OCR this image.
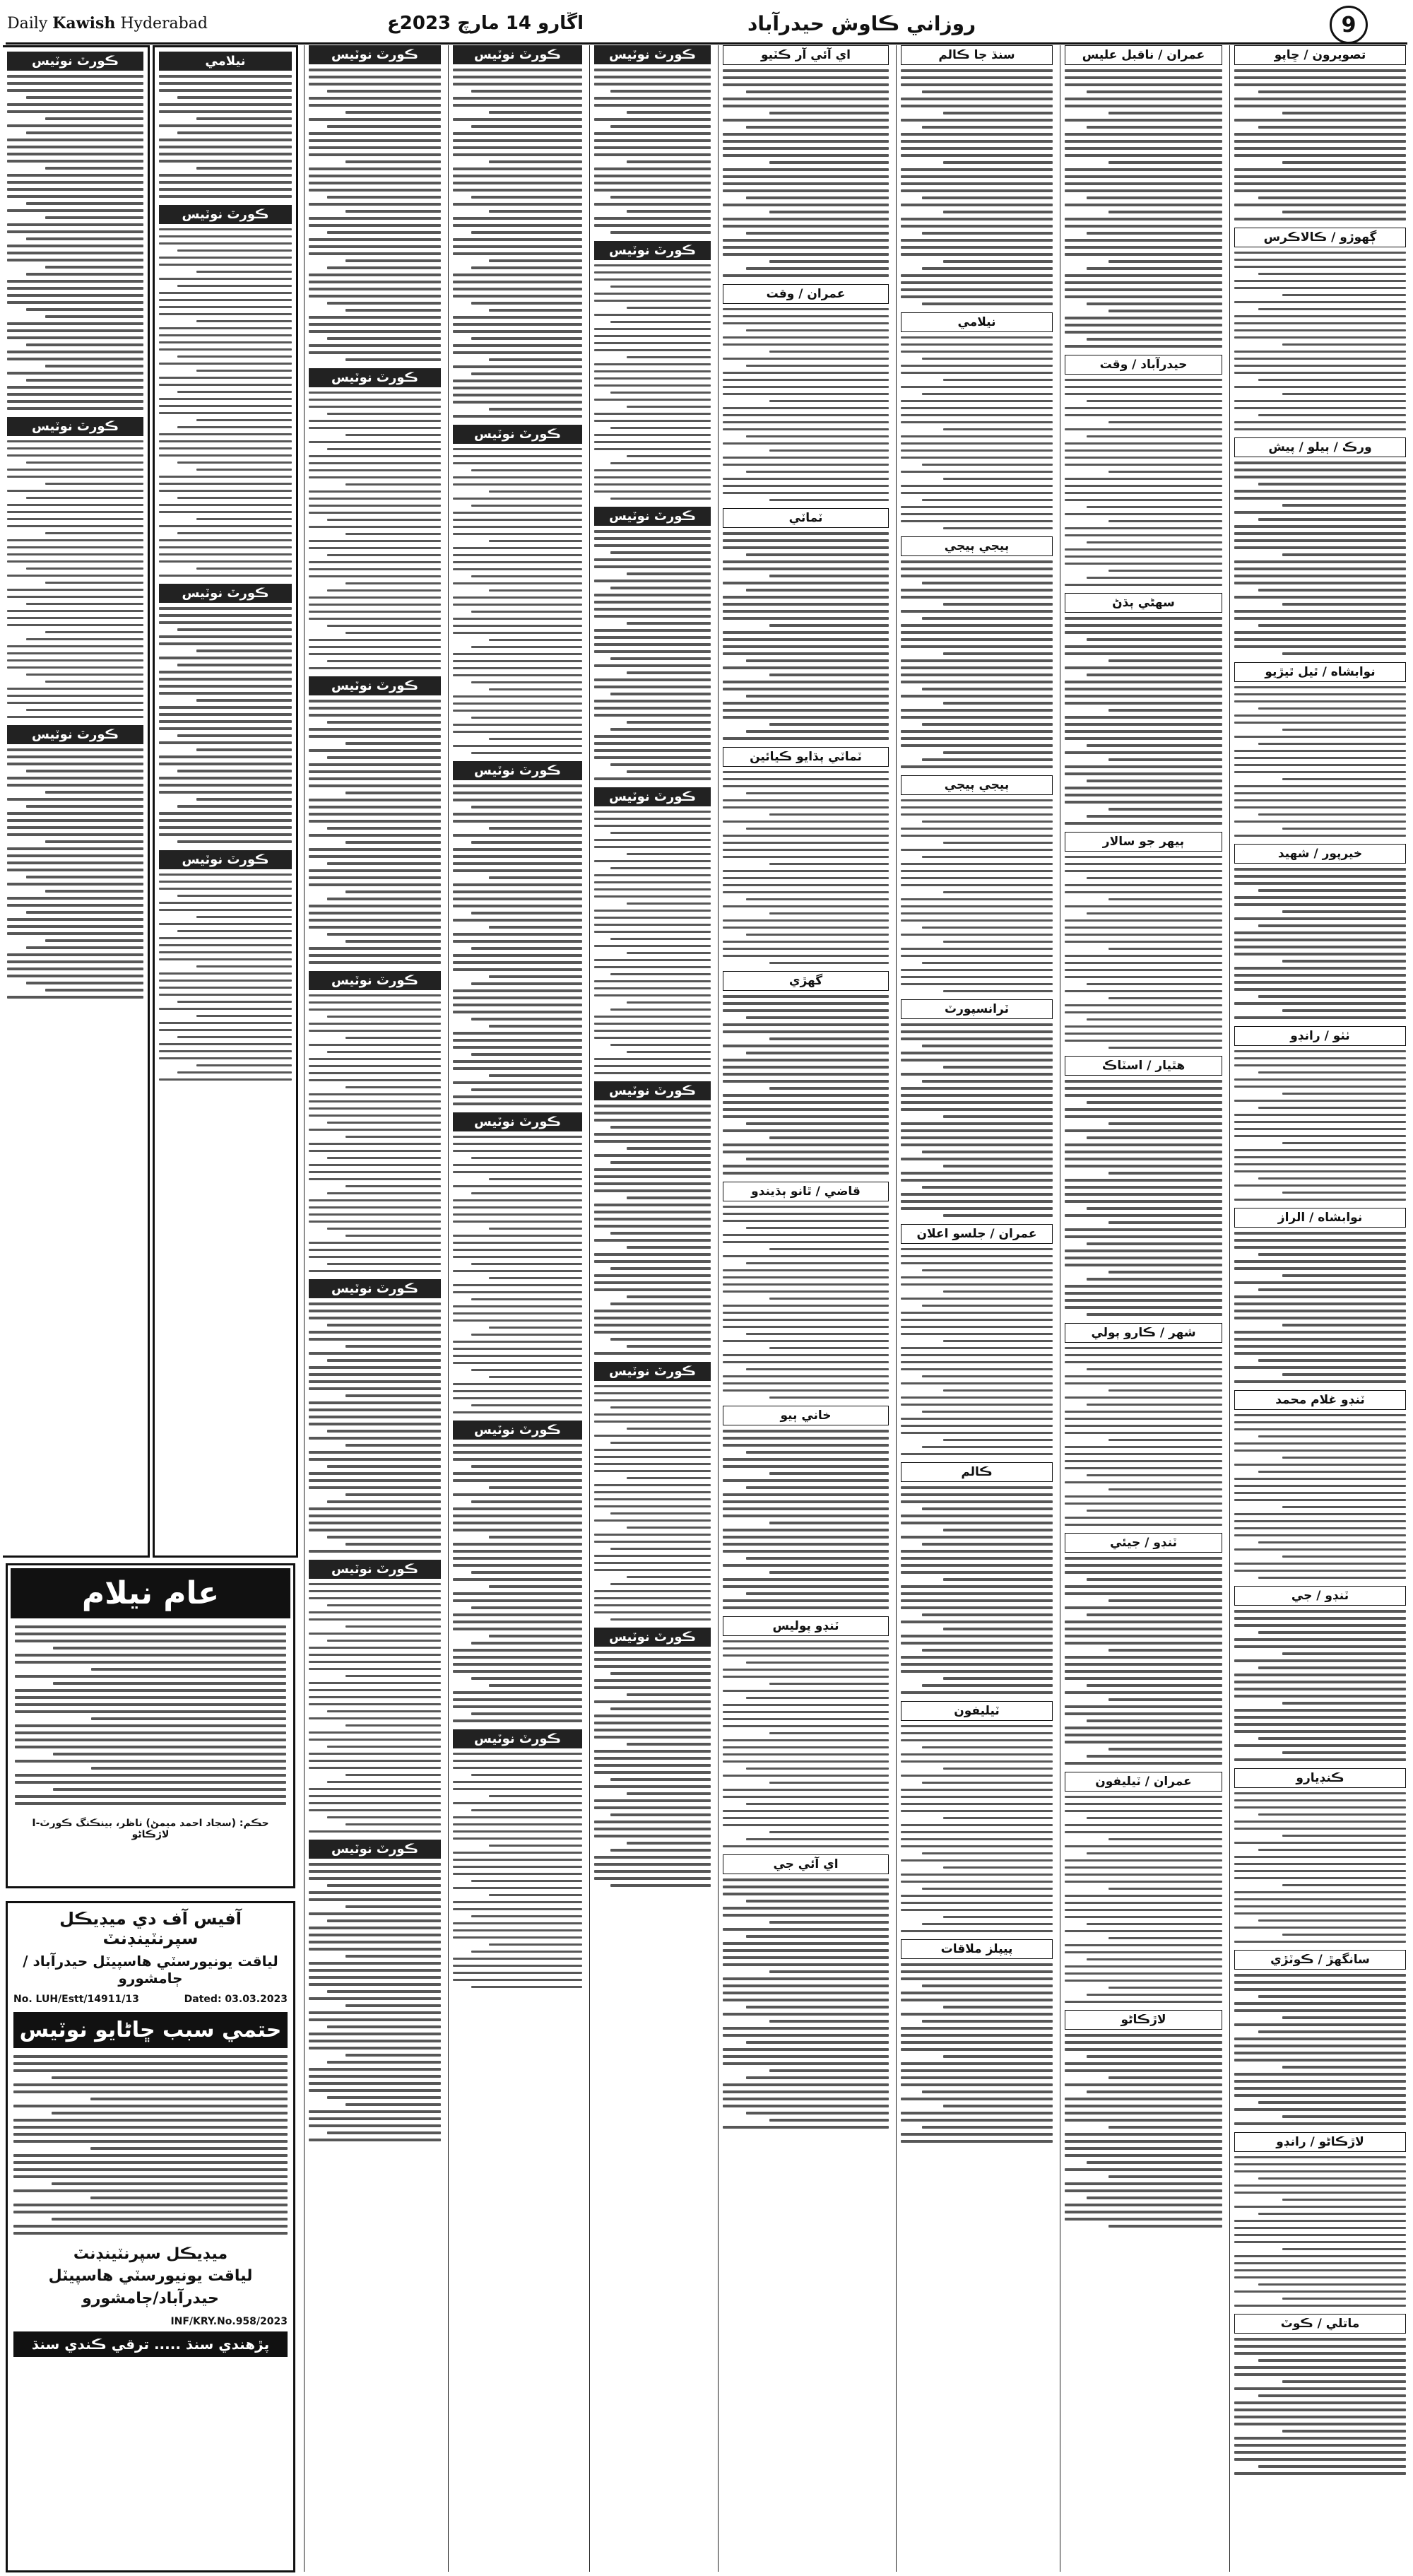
Daily Kawish Hyderabad	اڱارو 14 مارچ 2023ع	روزاني ڪاوش حيدرآباد	9
ڪورٽ نوٽيس
ڪورٽ نوٽيس
ڪورٽ نوٽيس
نيلامي
ڪورٽ نوٽيس
ڪورٽ نوٽيس
ڪورٽ نوٽيس
ڪورٽ نوٽيس
ڪورٽ نوٽيس
ڪورٽ نوٽيس
ڪورٽ نوٽيس
ڪورٽ نوٽيس
ڪورٽ نوٽيس
ڪورٽ نوٽيس
ڪورٽ نوٽيس
ڪورٽ نوٽيس
ڪورٽ نوٽيس
ڪورٽ نوٽيس
ڪورٽ نوٽيس
ڪورٽ نوٽيس
ڪورٽ نوٽيس
ڪورٽ نوٽيس
ڪورٽ نوٽيس
ڪورٽ نوٽيس
ڪورٽ نوٽيس
ڪورٽ نوٽيس
ڪورٽ نوٽيس
اي آئي آر ڪٽيو
عمران / وقت
ٽماٽي
ٽماٽي ٻڌايو ڪيائين
گهڙي
قاضي / ٿانو ٻڌيندو
خاني ٻيو
ٽنڊو پوليس
اي آئي جي
سنڌ جا ڪالم
نيلامي
ٻيجي ٻيجي
ٻيجي ٻيجي
ٽرانسپورٽ
عمران / جلسو اعلان
ڪالم
ٽيليفون
پيپلز ملاقات
عمران / ناقبل عليس
حيدرآباد / وقت
سهڻي ٻڌڻ
ٻيهر جو سالار
هٿيار / اسٽاڪ
شهر / ڪارو ٻولي
ٽنڊو / جيئي
عمران / ٽيليفون
لاڙڪاڻو
تصويرون / ڇاپو
ڳهوڙو / ڪالاڪرس
ورڪ / ٻيلو / پيش
نوابشاه / ٿيل ٿيڙيو
خيرپور / شهيد
ٺٺو / رانڊو
نوابشاه / الراز
ٽنڊو غلام محمد
ٽنڊو / جي
ڪنڊيارو
سانگهڙ / ڪوٽڙي
لاڙڪاڻو / رانڊو
ماتلي / ڪوٽ
عام نيلام
حڪم: (سجاد احمد ميمڻ) ناظر، بينڪنگ ڪورٽ-I لاڙڪاڻو
آفيس آف دي ميڊيڪل سپرنٽينڊنٽ
لياقت يونيورسٽي هاسپيٽل حيدرآباد / ڄامشورو
No. LUH/Estt/14911/13	Dated: 03.03.2023
حتمي سبب ڇاڻايو نوٽيس
ميڊيڪل سپرنٽينڊنٽ
لياقت يونيورسٽي هاسپيٽل
حيدرآباد/ڄامشورو
INF/KRY.No.958/2023
پڙهندي سنڌ ..... ترقي ڪندي سنڌ
